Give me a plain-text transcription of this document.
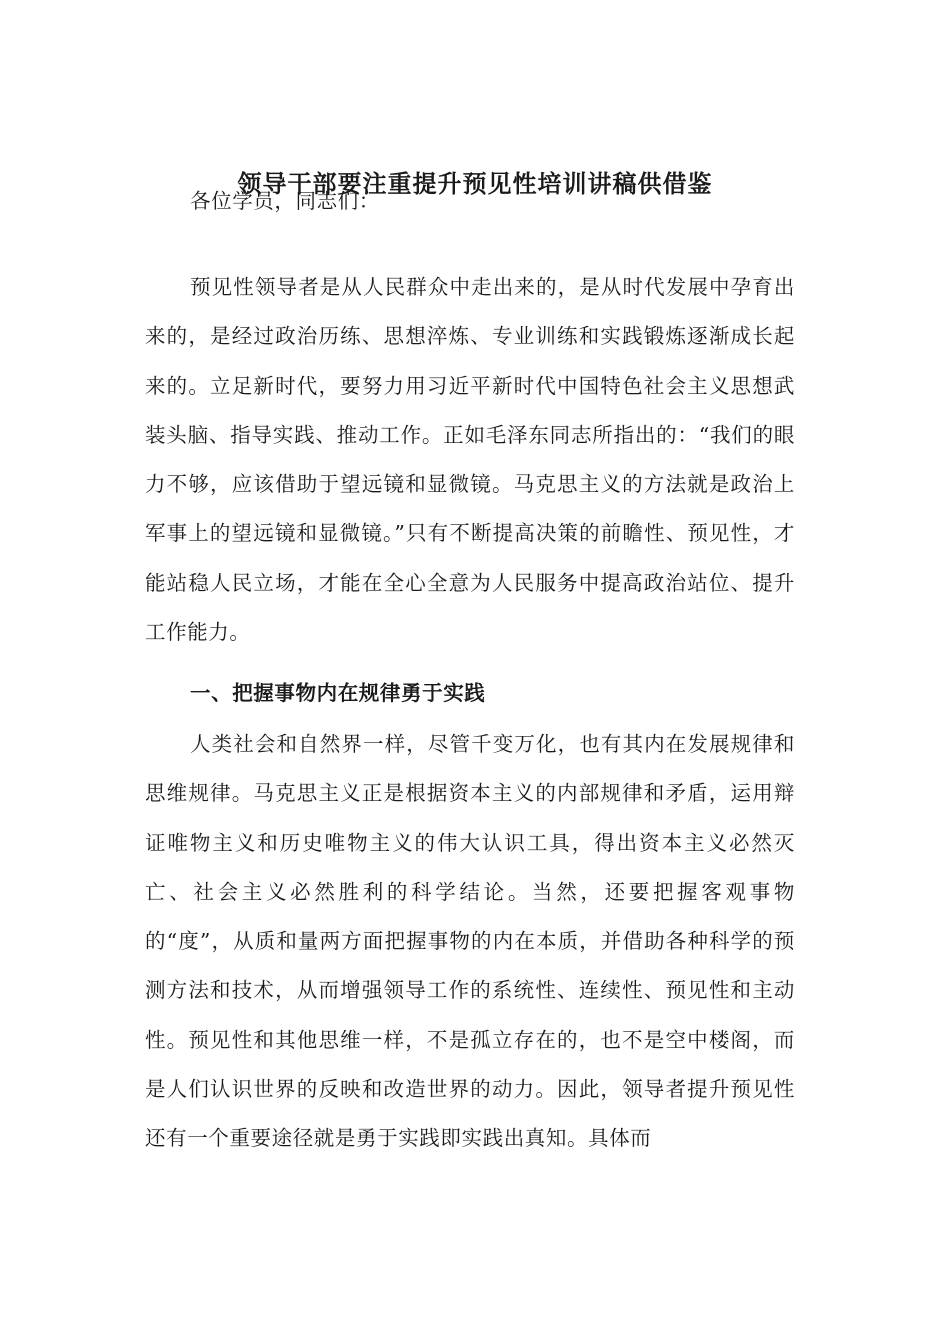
领导干部要注重提升预见性培训讲稿供借鉴

各位学员，同志们：

预见性领导者是从人民群众中走出来的，是从时代发展中孕育出来的，是经过政治历练、思想淬炼、专业训练和实践锻炼逐渐成长起来的。立足新时代，要努力用习近平新时代中国特色社会主义思想武装头脑、指导实践、推动工作。正如毛泽东同志所指出的：“我们的眼力不够，应该借助于望远镜和显微镜。马克思主义的方法就是政治上军事上的望远镜和显微镜。”只有不断提高决策的前瞻性、预见性，才能站稳人民立场，才能在全心全意为人民服务中提高政治站位、提升工作能力。

一、把握事物内在规律勇于实践

人类社会和自然界一样，尽管千变万化，也有其内在发展规律和思维规律。马克思主义正是根据资本主义的内部规律和矛盾，运用辩证唯物主义和历史唯物主义的伟大认识工具，得出资本主义必然灭亡、社会主义必然胜利的科学结论。当然，还要把握客观事物的“度”，从质和量两方面把握事物的内在本质，并借助各种科学的预测方法和技术，从而增强领导工作的系统性、连续性、预见性和主动性。预见性和其他思维一样，不是孤立存在的，也不是空中楼阁，而是人们认识世界的反映和改造世界的动力。因此，领导者提升预见性还有一个重要途径就是勇于实践即实践出真知。具体而
